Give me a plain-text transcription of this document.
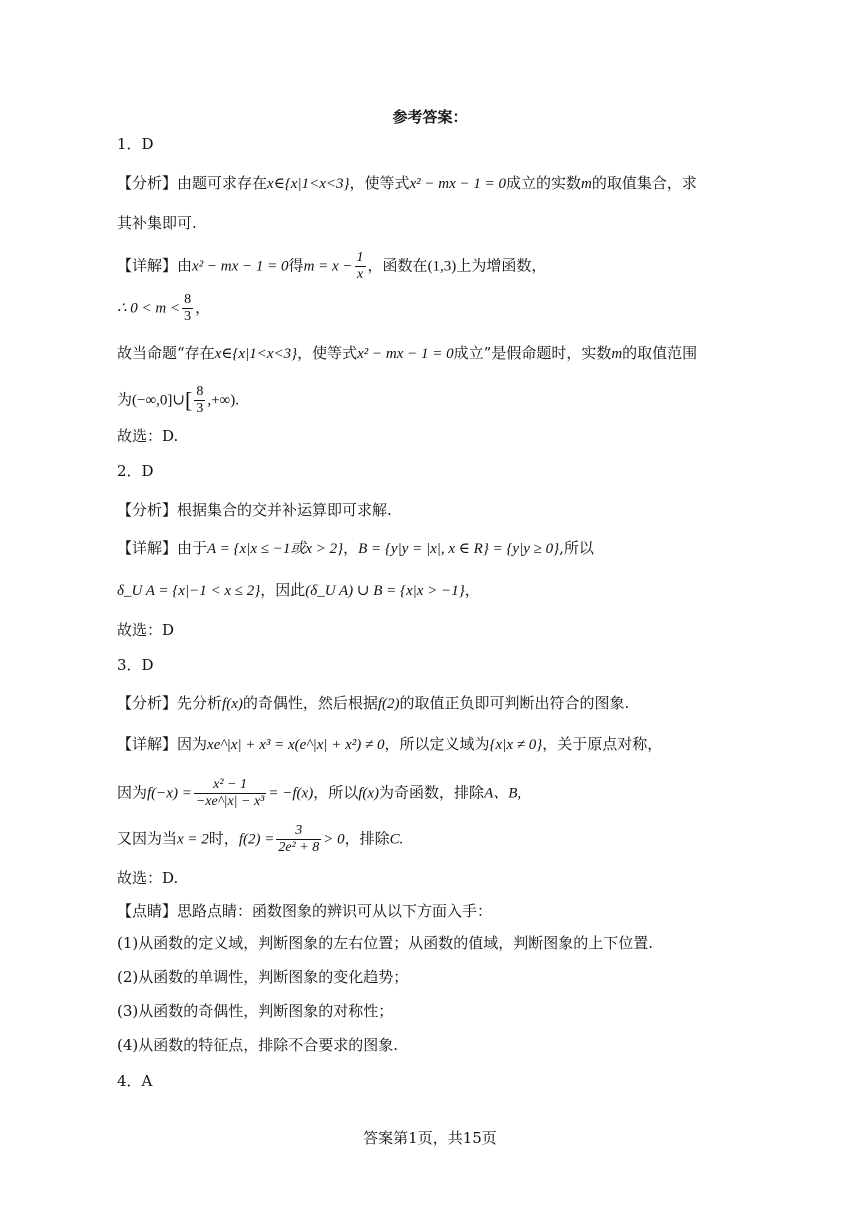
参考答案：
1．D
【分析】由题可求存在x∈{x|1<x<3}，使等式x² − mx − 1 = 0成立的实数m的取值集合，求
其补集即可.
【详解】由x² − mx − 1 = 0得$m = x - \frac{1}{x}$ ，函数在(1,3)上为增函数，
∴ $0 < m < \frac{8}{3}$ ，
故当命题“存在x∈{x|1<x<3}，使等式x² − mx − 1 = 0成立”是假命题时，实数m的取值范围
为(−∞,0]∪[ $\frac{8}{3}$ ,+∞).
故选：D.
2．D
【分析】根据集合的交并补运算即可求解.
【详解】由于A = {x|x ≤ −1或x > 2}，B = {y|y = |x|, x ∈ R} = {y|y ≥ 0},所以
δ_U A = {x|−1 < x ≤ 2}，因此(δ_U A) ∪ B = {x|x > −1}，
故选：D
3．D
【分析】先分析f(x)的奇偶性，然后根据f(2)的取值正负即可判断出符合的图象.
【详解】因为xe^|x| + x³ = x(e^|x| + x²) ≠ 0，所以定义域为{x|x ≠ 0}，关于原点对称，
因为$f(-x) = \frac{\text{x² − 1}}{\text{−xe\textasciicircum{}|x| − x³}} = -f(x)$，所以f(x)为奇函数，排除A、B,
又因为当x = 2时，$f(2) = \frac{3}{\text{2e² + 8}} > 0$，排除C.
故选：D.
【点睛】思路点睛：函数图象的辨识可从以下方面入手：
(1)从函数的定义域，判断图象的左右位置；从函数的值域，判断图象的上下位置.
(2)从函数的单调性，判断图象的变化趋势；
(3)从函数的奇偶性，判断图象的对称性；
(4)从函数的特征点，排除不合要求的图象.
4．A
答案第1页，共15页
